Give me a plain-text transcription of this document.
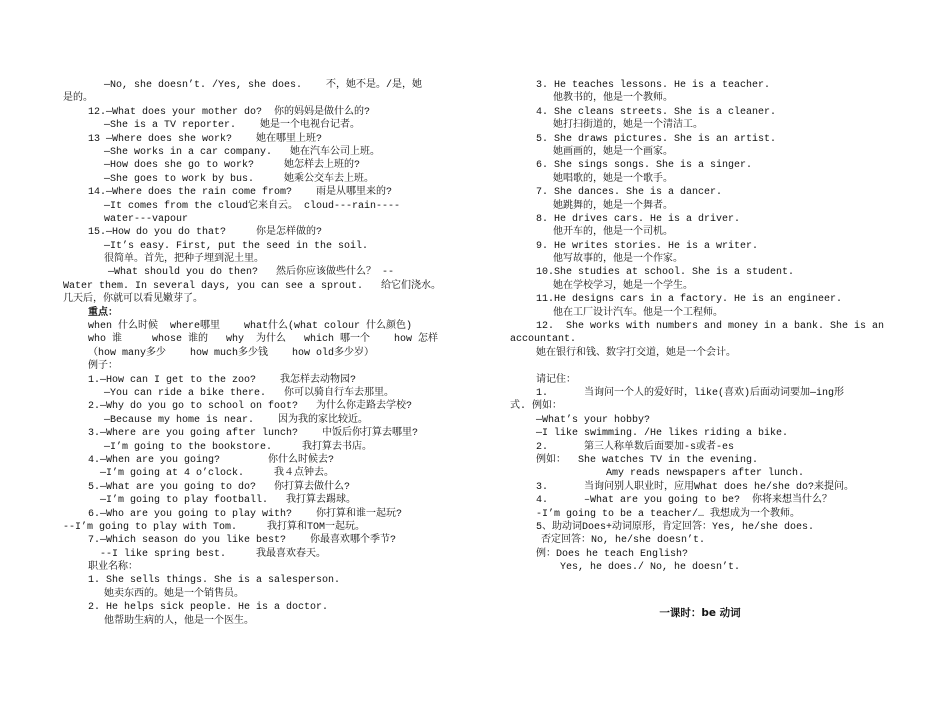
—No, she doesn’t. /Yes, she does.    不，她不是。/是，她
是的。
12.—What does your mother do?  你的妈妈是做什么的?
—She is a TV reporter.    她是一个电视台记者。
13 —Where does she work?    她在哪里上班?
—She works in a car company.   她在汽车公司上班。
—How does she go to work?     她怎样去上班的?
—She goes to work by bus.     她乘公交车去上班。
14.—Where does the rain come from?    雨是从哪里来的?
—It comes from the cloud它来自云。 cloud---rain----
water---vapour
15.—How do you do that?     你是怎样做的?
—It’s easy. First, put the seed in the soil.
很简单。首先，把种子埋到泥土里。
—What should you do then?   然后你应该做些什么？ --
Water them. In several days, you can see a sprout.   给它们浇水。
几天后，你就可以看见嫩芽了。
重点：
when 什么时候  where哪里    what什么(what colour 什么颜色)
who 谁     whose 谁的   why  为什么   which 哪一个    how 怎样
（how many多少    how much多少钱    how old多少岁）
例子：
1.—How can I get to the zoo?    我怎样去动物园?
—You can ride a bike there.   你可以骑自行车去那里。
2.—Why do you go to school on foot?   为什么你走路去学校?
—Because my home is near.    因为我的家比较近。
3.—Where are you going after lunch?    中饭后你打算去哪里?
—I’m going to the bookstore.     我打算去书店。
4.—When are you going?        你什么时候去?
—I’m going at 4 o’clock.     我４点钟去。
5.—What are you going to do?   你打算去做什么?
—I’m going to play football.   我打算去踢球。
6.—Who are you going to play with?    你打算和谁一起玩?
--I’m going to play with Tom.     我打算和TOM一起玩。
7.—Which season do you like best?    你最喜欢哪个季节?
--I like spring best.     我最喜欢春天。
职业名称：
1. She sells things. She is a salesperson.
她卖东西的。她是一个销售员。
2. He helps sick people. He is a doctor.
他帮助生病的人，他是一个医生。
3. He teaches lessons. He is a teacher.
他教书的，他是一个教师。
4. She cleans streets. She is a cleaner.
她打扫街道的，她是一个清洁工。
5. She draws pictures. She is an artist.
她画画的，她是一个画家。
6. She sings songs. She is a singer.
她唱歌的，她是一个歌手。
7. She dances. She is a dancer.
她跳舞的，她是一个舞者。
8. He drives cars. He is a driver.
他开车的，他是一个司机。
9. He writes stories. He is a writer.
他写故事的，他是一个作家。
10.She studies at school. She is a student.
她在学校学习，她是一个学生。
11.He designs cars in a factory. He is an engineer.
他在工厂设计汽车。他是一个工程师。
12.  She works with numbers and money in a bank. She is an
accountant.
她在银行和钱、数字打交道，她是一个会计。
请记住：
1.      当询问一个人的爱好时，like(喜欢)后面动词要加—ing形
式. 例如：
—What’s your hobby?
—I like swimming. /He likes riding a bike.
2.      第三人称单数后面要加-s或者-es
例如：  She watches TV in the evening.
Amy reads newspapers after lunch.
3.      当询问别人职业时，应用What does he/she do?来提问。
4.      –What are you going to be?  你将来想当什么？
-I’m going to be a teacher/… 我想成为一个教师。
5、助动词Does+动词原形，肯定回答：Yes, he/she does.
否定回答：No, he/she doesn’t.
例：Does he teach English?
Yes, he does./ No, he doesn’t.
一课时：be 动词
